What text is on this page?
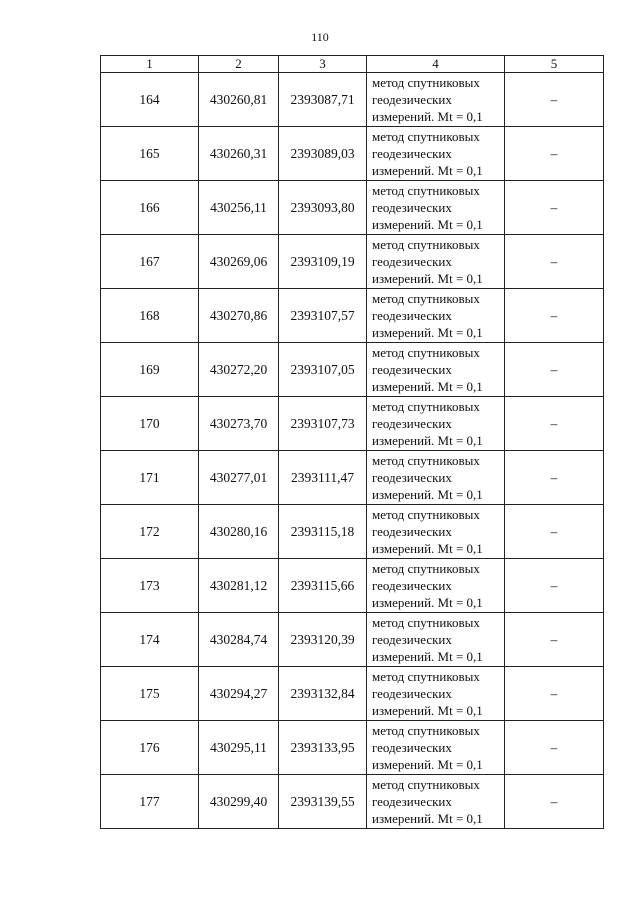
110
1	2	3	4	5
164	430260,81	2393087,71	метод спутниковых
геодезических
измерений. Mt = 0,1	–
165	430260,31	2393089,03	метод спутниковых
геодезических
измерений. Mt = 0,1	–
166	430256,11	2393093,80	метод спутниковых
геодезических
измерений. Mt = 0,1	–
167	430269,06	2393109,19	метод спутниковых
геодезических
измерений. Mt = 0,1	–
168	430270,86	2393107,57	метод спутниковых
геодезических
измерений. Mt = 0,1	–
169	430272,20	2393107,05	метод спутниковых
геодезических
измерений. Mt = 0,1	–
170	430273,70	2393107,73	метод спутниковых
геодезических
измерений. Mt = 0,1	–
171	430277,01	2393111,47	метод спутниковых
геодезических
измерений. Mt = 0,1	–
172	430280,16	2393115,18	метод спутниковых
геодезических
измерений. Mt = 0,1	–
173	430281,12	2393115,66	метод спутниковых
геодезических
измерений. Mt = 0,1	–
174	430284,74	2393120,39	метод спутниковых
геодезических
измерений. Mt = 0,1	–
175	430294,27	2393132,84	метод спутниковых
геодезических
измерений. Mt = 0,1	–
176	430295,11	2393133,95	метод спутниковых
геодезических
измерений. Mt = 0,1	–
177	430299,40	2393139,55	метод спутниковых
геодезических
измерений. Mt = 0,1	–
